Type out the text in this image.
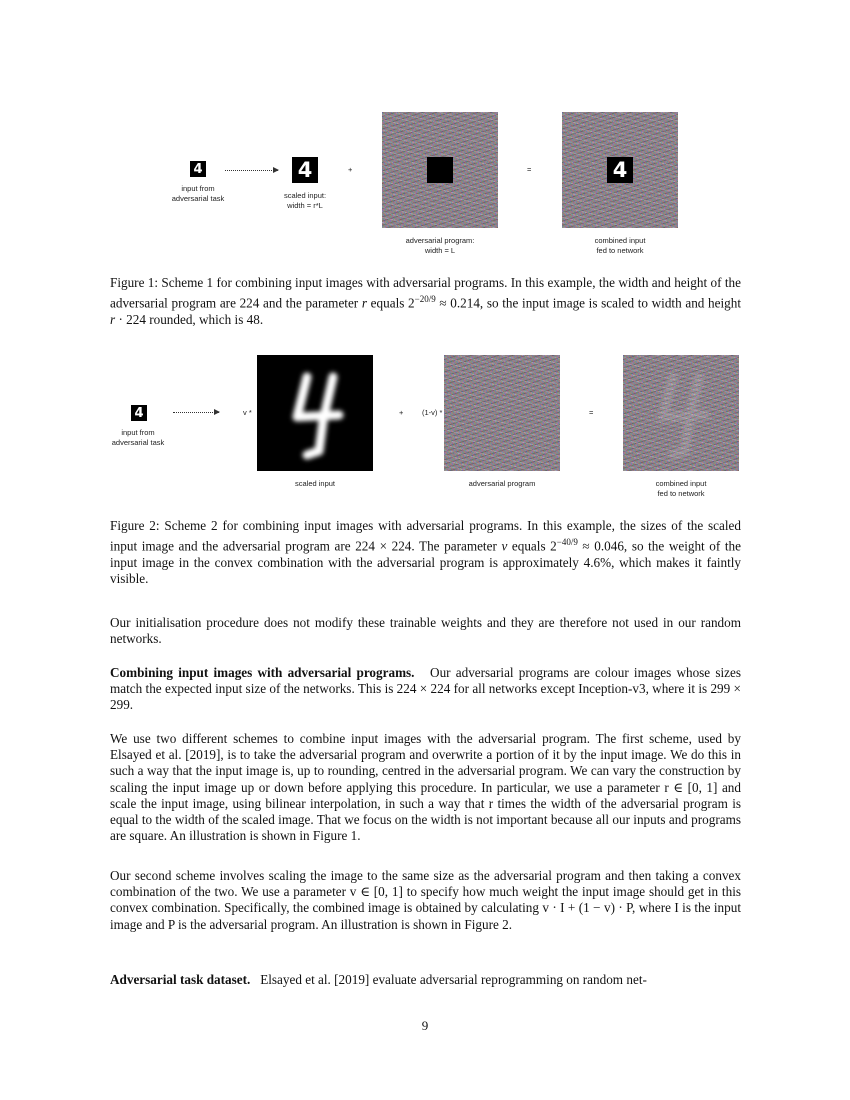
4
input from
adversarial task
4
scaled input:
width = r*L
+
adversarial program:
width = L
=	4
combined input
fed to network
Figure 1: Scheme 1 for combining input images with adversarial programs. In this example, the width and height of the adversarial program are 224 and the parameter r equals $2^{-20/9} \approx 0.214$, so the input image is scaled to width and height r · 224 rounded, which is 48.
4
input from
adversarial task
v *
scaled input
+ (1-v) *
adversarial program
=
combined input
fed to network
Figure 2: Scheme 2 for combining input images with adversarial programs. In this example, the sizes of the scaled input image and the adversarial program are 224 × 224. The parameter v equals $2^{-40/9} \approx 0.046$, so the weight of the input image in the convex combination with the adversarial program is approximately 4.6%, which makes it faintly visible.

Our initialisation procedure does not modify these trainable weights and they are therefore not used in our random networks.

Combining input images with adversarial programs. Our adversarial programs are colour images whose sizes match the expected input size of the networks. This is 224 × 224 for all networks except Inception-v3, where it is 299 × 299.

We use two different schemes to combine input images with the adversarial program. The first scheme, used by Elsayed et al. [2019], is to take the adversarial program and overwrite a portion of it by the input image. We do this in such a way that the input image is, up to rounding, centred in the adversarial program. We can vary the construction by scaling the input image up or down before applying this procedure. In particular, we use a parameter r ∈ [0, 1] and scale the input image, using bilinear interpolation, in such a way that r times the width of the adversarial program is equal to the width of the scaled image. That we focus on the width is not important because all our inputs and programs are square. An illustration is shown in Figure 1.

Our second scheme involves scaling the image to the same size as the adversarial program and then taking a convex combination of the two. We use a parameter v ∈ [0, 1] to specify how much weight the input image should get in this convex combination. Specifically, the combined image is obtained by calculating v · I + (1 − v) · P, where I is the input image and P is the adversarial program. An illustration is shown in Figure 2.

Adversarial task dataset. Elsayed et al. [2019] evaluate adversarial reprogramming on random net-

9
